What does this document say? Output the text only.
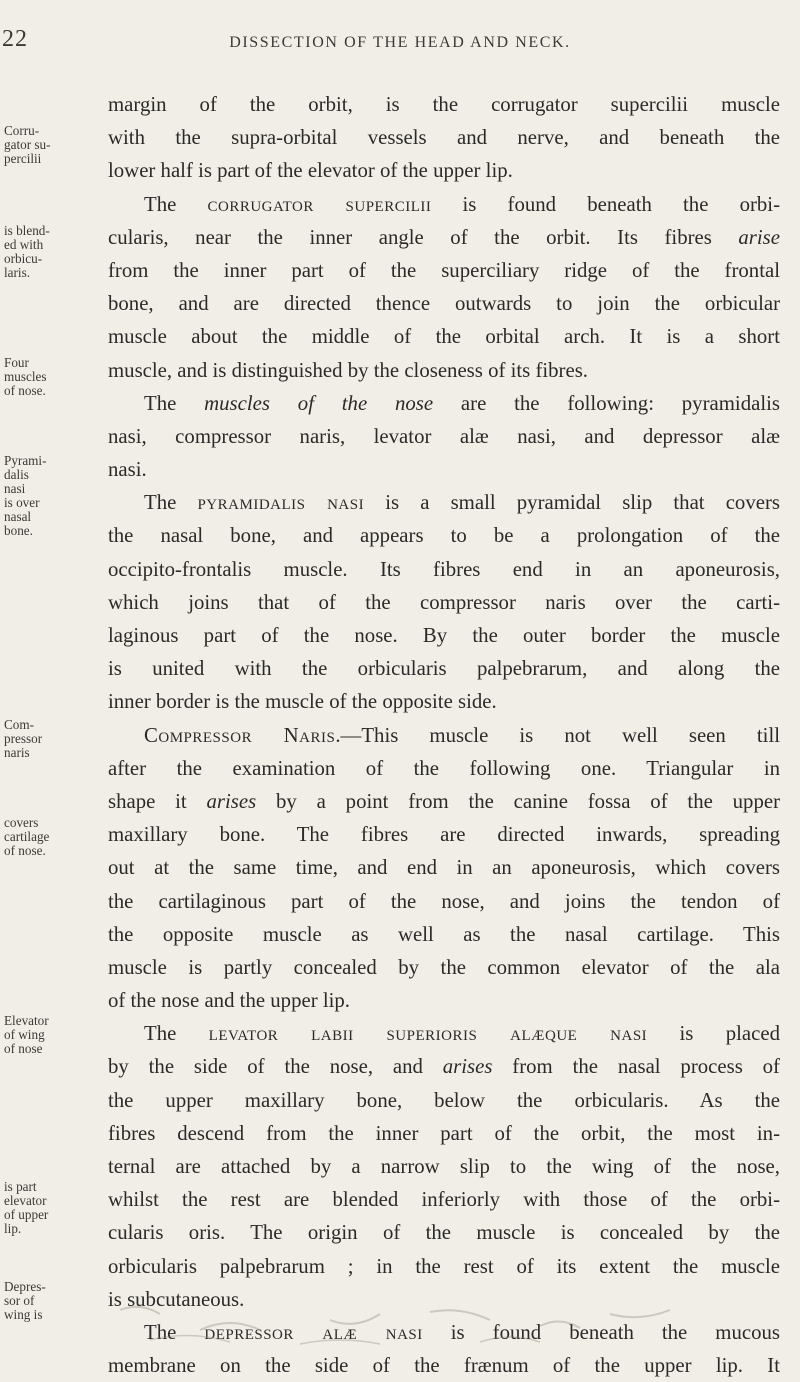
22	DISSECTION OF THE HEAD AND NECK.
Corru-
gator su-
percilii
is blend-
ed with
orbicu-
laris.
Four
muscles
of nose.
Pyrami-
dalis
nasi
is over
nasal
bone.
Com-
pressor
naris
covers
cartilage
of nose.
Elevator
of wing
of nose
is part
elevator
of upper
lip.
Depres-
sor of
wing is
margin of the orbit, is the corrugator supercilii muscle
with the supra-orbital vessels and nerve, and beneath the
lower half is part of the elevator of the upper lip.
The corrugator supercilii is found beneath the orbi-
cularis, near the inner angle of the orbit. Its fibres arise
from the inner part of the superciliary ridge of the frontal
bone, and are directed thence outwards to join the orbicular
muscle about the middle of the orbital arch. It is a short
muscle, and is distinguished by the closeness of its fibres.
The muscles of the nose are the following: pyramidalis
nasi, compressor naris, levator alæ nasi, and depressor alæ
nasi.
The pyramidalis nasi is a small pyramidal slip that covers
the nasal bone, and appears to be a prolongation of the
occipito-frontalis muscle. Its fibres end in an aponeurosis,
which joins that of the compressor naris over the carti-
laginous part of the nose. By the outer border the muscle
is united with the orbicularis palpebrarum, and along the
inner border is the muscle of the opposite side.
Compressor Naris.—This muscle is not well seen till
after the examination of the following one. Triangular in
shape it arises by a point from the canine fossa of the upper
maxillary bone. The fibres are directed inwards, spreading
out at the same time, and end in an aponeurosis, which covers
the cartilaginous part of the nose, and joins the tendon of
the opposite muscle as well as the nasal cartilage. This
muscle is partly concealed by the common elevator of the ala
of the nose and the upper lip.
The levator labii superioris alæque nasi is placed
by the side of the nose, and arises from the nasal process of
the upper maxillary bone, below the orbicularis. As the
fibres descend from the inner part of the orbit, the most in-
ternal are attached by a narrow slip to the wing of the nose,
whilst the rest are blended inferiorly with those of the orbi-
cularis oris. The origin of the muscle is concealed by the
orbicularis palpebrarum ; in the rest of its extent the muscle
is subcutaneous.
The depressor alæ nasi is found beneath the mucous
membrane on the side of the frænum of the upper lip. It
